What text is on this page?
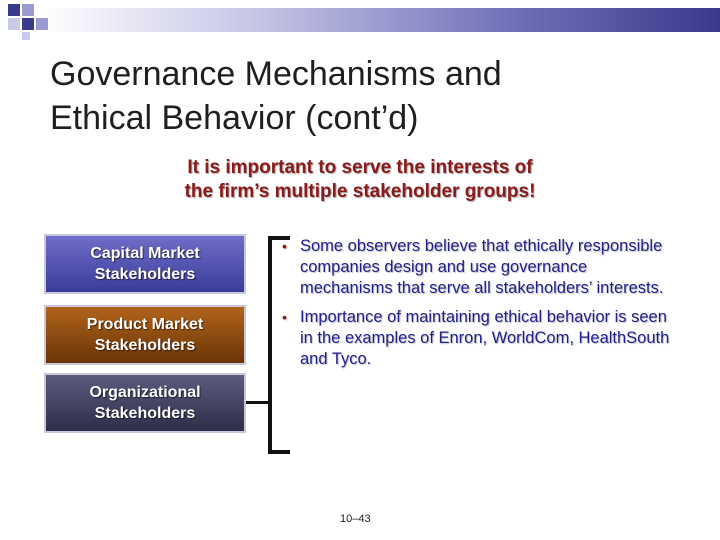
Governance Mechanisms and
Ethical Behavior (cont’d)
It is important to serve the interests of
the firm’s multiple stakeholder groups!
Capital Market
Stakeholders
Product Market
Stakeholders
Organizational
Stakeholders
• Some observers believe that ethically responsible companies design and use governance mechanisms that serve all stakeholders’ interests.
• Importance of maintaining ethical behavior is seen in the examples of Enron, WorldCom, HealthSouth and Tyco.
10–43
